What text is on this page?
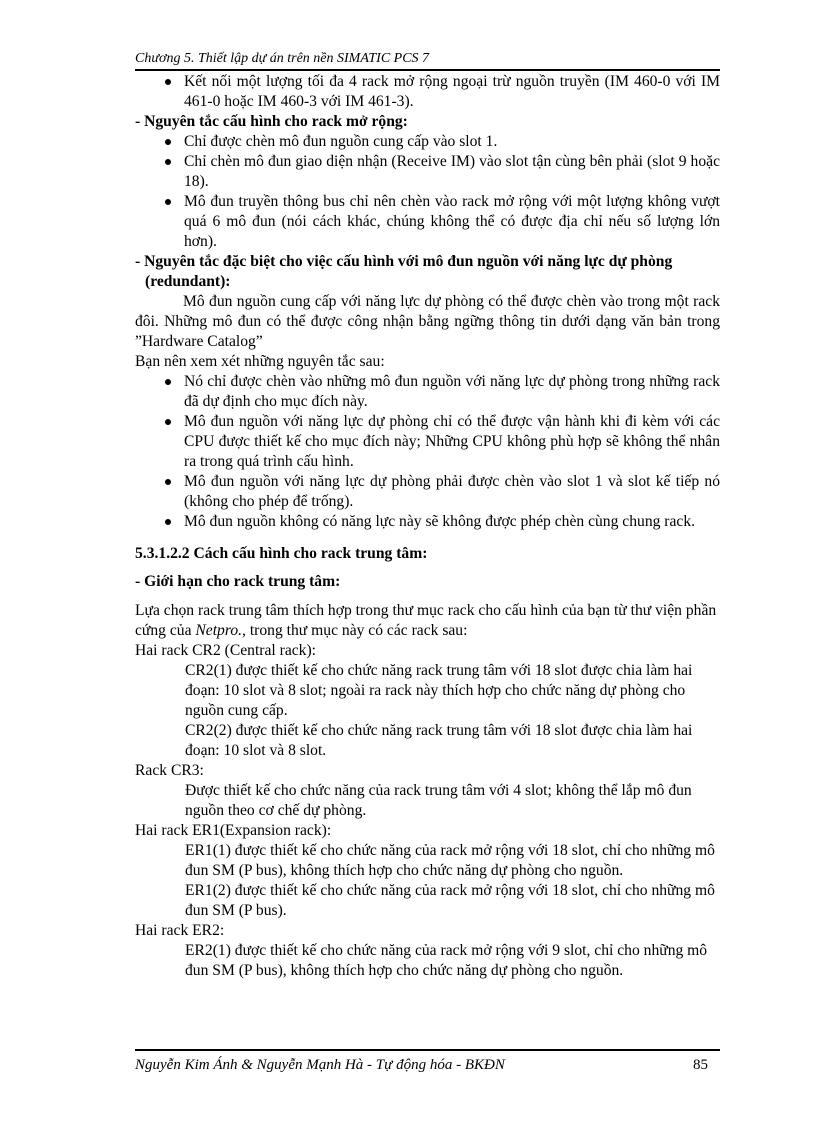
Chương 5. Thiết lập dự án trên nền SIMATIC PCS 7
Kết nối một lượng tối đa 4 rack mở rộng ngoại trừ nguồn truyền (IM 460-0 với IM 461-0 hoặc IM 460-3 với IM 461-3).
- Nguyên tắc cấu hình cho rack mở rộng:
Chỉ được chèn mô đun nguồn cung cấp vào slot 1.
Chỉ chèn mô đun giao diện nhận (Receive IM) vào slot tận cùng bên phải (slot 9 hoặc 18).
Mô đun truyền thông bus chỉ nên chèn vào rack mở rộng với một lượng không vượt quá 6 mô đun (nói cách khác, chúng không thể có được địa chỉ nếu số lượng lớn hơn).
- Nguyên tắc đặc biệt cho việc cấu hình với mô đun nguồn với năng lực dự phòng (redundant):
Mô đun nguồn cung cấp với năng lực dự phòng có thể được chèn vào trong một rack đôi. Những mô đun có thể được công nhận bằng ngững thông tin dưới dạng văn bản trong ”Hardware Catalog”
Bạn nên xem xét những nguyên tắc sau:
Nó chỉ được chèn vào những mô đun nguồn với năng lực dự phòng trong những rack đã dự định cho mục đích này.
Mô đun nguồn với năng lực dự phòng chỉ có thể được vận hành khi đi kèm với các CPU được thiết kế cho mục đích này; Những CPU không phù hợp sẽ không thể nhân ra trong quá trình cấu hình.
Mô đun nguồn với năng lực dự phòng phải được chèn vào slot 1 và slot kế tiếp nó (không cho phép để trống).
Mô đun nguồn không có năng lực này sẽ không được phép chèn cùng chung rack.
5.3.1.2.2 Cách cấu hình cho rack trung tâm:
- Giới hạn cho rack trung tâm:
Lựa chọn rack trung tâm thích hợp trong thư mục rack cho cấu hình của bạn từ thư viện phần cứng của Netpro., trong thư mục này có các rack sau:
Hai rack CR2 (Central rack):
CR2(1) được thiết kế cho chức năng rack trung tâm với 18 slot được chia làm hai đoạn: 10 slot và 8 slot; ngoài ra rack này thích hợp cho chức năng dự phòng cho nguồn cung cấp.
CR2(2) được thiết kế cho chức năng rack trung tâm với 18 slot được chia làm hai đoạn: 10 slot và 8 slot.
Rack CR3:
Được thiết kế cho chức năng của rack trung tâm với 4 slot; không thể lắp mô đun nguồn theo cơ chế dự phòng.
Hai rack ER1(Expansion rack):
ER1(1) được thiết kế cho chức năng của rack mở rộng với 18 slot, chỉ cho những mô đun SM (P bus), không thích hợp cho chức năng dự phòng cho nguồn.
ER1(2) được thiết kế cho chức năng của rack mở rộng với 18 slot, chỉ cho những mô đun SM (P bus).
Hai rack ER2:
ER2(1) được thiết kế cho chức năng của rack mở rộng với 9 slot, chỉ cho những mô đun SM (P bus), không thích hợp cho chức năng dự phòng cho nguồn.
Nguyễn Kim Ánh & Nguyễn Mạnh Hà - Tự động hóa - BKĐN	85
